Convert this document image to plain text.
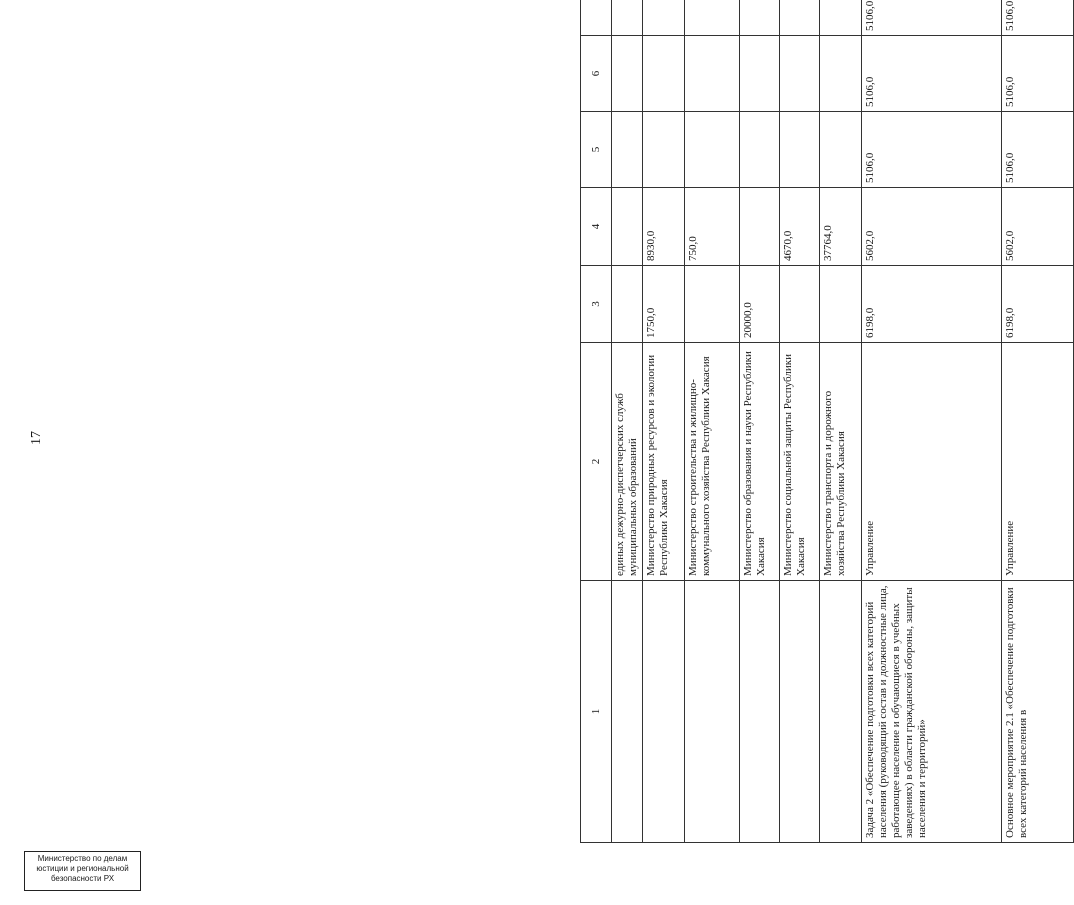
17
1	2	3	4	5	6	
	единых дежурно-диспетчерских служб муниципальных образований					
	Министерство природных ресурсов и экологии Республики Хакасия	1750,0	8930,0			
	Министерство строительства и жилищно-коммунального хозяйства Республики Хакасия		750,0			
	Министерство образования и науки Республики Хакасия	20000,0				
	Министерство социальной защиты Республики Хакасия		4670,0			
	Министерство транспорта и дорожного хозяйства Республики Хакасия		37764,0			
Задача 2 «Обеспечение подготовки всех категорий населения (руководящий состав и должностные лица, работающее население и обучающиеся в учебных заведениях) в области гражданской обороны, защиты населения и территорий»	Управление	6198,0	5602,0	5106,0	5106,0	5106,0
Основное мероприятие 2.1 «Обеспечение подготовки всех категорий населения в	Управление	6198,0	5602,0	5106,0	5106,0	5106,0
Министерство по делам
юстиции и региональной
безопасности РХ
